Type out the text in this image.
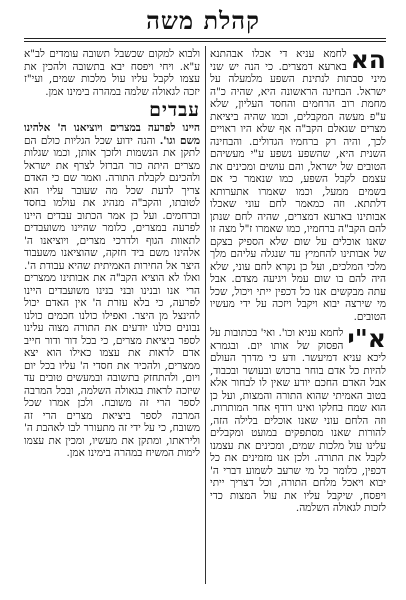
קהלת משה

הא
לחמא עניא די אכלו אבהתנא בארעא דמצרים. כי הנה יש שני מיני סבתות לנתינת השפע מלמעלה על ישראל. הבחינה הראשונה היא, שהיה כ"ה מחמת רוב הרחמים והחסד העליון, שלא ע"פ מעשה המקבלים, וכמו שהיה ביציאת מצרים שגאלם הקב"ה אף שלא היו ראויים לכך, והיה רק ברחמיו הגדולים. והבחינה השנית היא, שהשפע נשפע ע"י מעשיהם הטובים של ישראל, והם עושים ומכינים את עצמם לקבל השפע, כמו שנאמר כי אם בשמים ממעל, וכמו שאמרו אתערותא דלתתא. וזה כמאמר לחם עוני שאכלו אבותינו בארעא דמצרים, שהיה לחם שנתן להם הקב"ה ברחמיו, כמו שאמרו ז"ל מצה זו שאנו אוכלים על שום שלא הספיק בצקם של אבותינו להחמיץ עד שנגלה עליהם מלך מלכי המלכים, ועל כן נקרא לחם עוני, שלא היה להם בו שום עמל ויגיעה מצדם. אבל עתה מבקשים אנו כל דכפין ייתי ויכול, שכל מי שירצה יבוא ויקבל ויזכה על ידי מעשיו הטובים.

א"י
לחמא עניא וכו'. ואי' בכתובות על הפסוק של אותו יום. ובגמרא ליכא עניא דמיעשר. ודע כי מדרך העולם להיות כל אדם בוחר ברכוש ובעושר ובכבוד, אבל האדם החכם יודע שאין לו לבחור אלא בטוב האמיתי שהוא התורה והמצות, ועל כן הוא שמח בחלקו ואינו רודף אחר המותרות. וזה הלחם עוני שאנו אוכלים בלילה הזה, להורות שאנו מסתפקים במועט ומקבלים עלינו עול מלכות שמים, ומכינים את עצמנו לקבל את התורה. ולכן אנו מזמינים את כל דכפין, כלומר כל מי שרעב לשמוע דברי ה' יבוא ויאכל מלחם התורה, וכל דצריך ייתי ויפסח, שיקבל עליו את עול המצות כדי לזכות לגאולה השלמה.

ולבוא למקום שכשבל תשובה עומדים לב"א ע"א. ויחי ויפסח יבא בתשובה ולהכין את עצמו לקבל עליו עול מלכות שמים, ועי"ז יזכה לגאולה שלמה במהרה בימינו אמן.

עבדים

היינו לפרעה במצרים ויוציאנו ה' אלהינו משם וגו'. והנה ידוע שכל הגליות כולם הם לתקן את הנשמות ולזכך אותן, וכמו שגלות מצרים היתה כור הברזל לצרף את ישראל ולהכינם לקבלת התורה. ואמר שם כי האדם צריך לדעת שכל מה שעובר עליו הוא לטובתו, והקב"ה מנהיג את עולמו בחסד וברחמים. ועל כן אמר הכתוב עבדים היינו לפרעה במצרים, כלומר שהיינו משועבדים לתאוות הגוף ולדרכי מצרים, ויוציאנו ה' אלהינו משם ביד חזקה, שהוציאנו משעבוד היצר אל החירות האמיתית שהיא עבודת ה'. ואלו לא הוציא הקב"ה את אבותינו ממצרים הרי אנו ובנינו ובני בנינו משועבדים היינו לפרעה, כי בלא עזרת ה' אין האדם יכול להינצל מן היצר. ואפילו כולנו חכמים כולנו נבונים כולנו יודעים את התורה מצוה עלינו לספר ביציאת מצרים, כי בכל דור ודור חייב אדם לראות את עצמו כאילו הוא יצא ממצרים, ולהכיר את חסדי ה' עליו בכל יום ויום, ולהתחזק בתשובה ובמעשים טובים עד שיזכה לראות בגאולה השלמה, ובכל המרבה לספר הרי זה משובח. ולכן אמרו שכל המרבה לספר ביציאת מצרים הרי זה משובח, כי על ידי זה מתעורר לבו לאהבת ה' וליראתו, ומתקן את מעשיו, ומכין את עצמו לימות המשיח במהרה בימינו אמן.
